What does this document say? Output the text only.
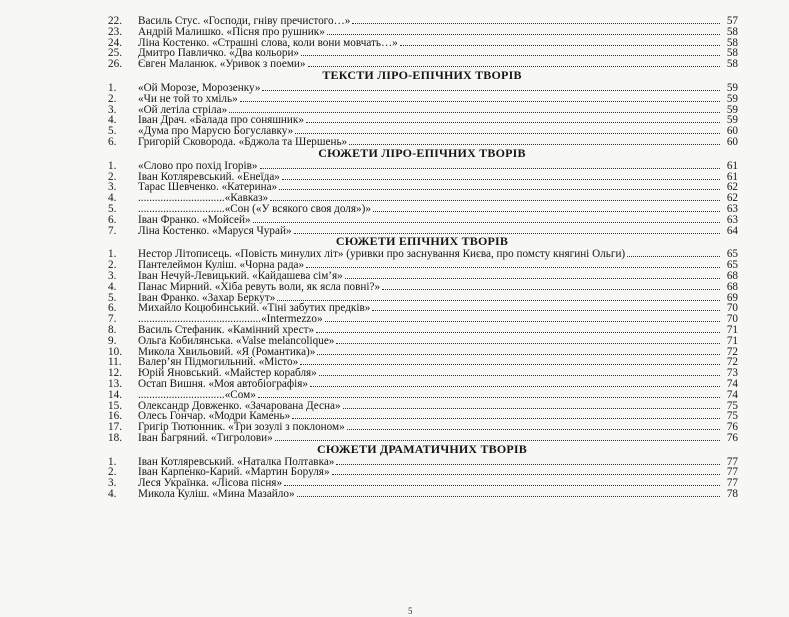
22.	Василь Стус. «Господи, гніву пречистого…»	57
23.	Андрій Малишко. «Пісня про рушник»	58
24.	Ліна Костенко. «Страшні слова, коли вони мовчать…»	58
25.	Дмитро Павличко. «Два кольори»	58
26.	Євген Маланюк. «Уривок з поеми»	58
ТЕКСТИ ЛІРО-ЕПІЧНИХ ТВОРІВ
1.	«Ой Морозе, Морозенку»	59
2.	«Чи не той то хміль»	59
3.	«Ой летіла стріла»	59
4.	Іван Драч. «Балада про соняшник»	59
5.	«Дума про Марусю Богуславку»	60
6.	Григорій Сковорода. «Бджола та Шершень»	60
СЮЖЕТИ ЛІРО-ЕПІЧНИХ ТВОРІВ
1.	«Слово про похід Ігорів»	61
2.	Іван Котляревський. «Енеїда»	61
3.	Тарас Шевченко. «Катерина»	62
4.	...............................«Кавказ»	62
5.	...............................«Сон («У всякого своя доля»)»	63
6.	Іван Франко. «Мойсей»	63
7.	Ліна Костенко. «Маруся Чурай»	64
СЮЖЕТИ ЕПІЧНИХ ТВОРІВ
1.	Нестор Літописець. «Повість минулих літ» (уривки про заснування Києва, про помсту княгині Ольги)	65
2.	Пантелеймон Куліш. «Чорна рада»	65
3.	Іван Нечуй-Левицький. «Кайдашева сім’я»	68
4.	Панас Мирний. «Хіба ревуть воли, як ясла повні?»	68
5.	Іван Франко. «Захар Беркут»	69
6.	Михайло Коцюбинський. «Тіні забутих предків»	70
7.	............................................«Intermezzo»	70
8.	Василь Стефаник. «Камінний хрест»	71
9.	Ольга Кобилянська. «Valse melancolique»	71
10.	Микола Хвильовий. «Я (Романтика)»	72
11.	Валер’ян Підмогильний. «Місто»	72
12.	Юрій Яновський. «Майстер корабля»	73
13.	Остап Вишня. «Моя автобіографія»	74
14.	...............................«Сом»	74
15.	Олександр Довженко. «Зачарована Десна»	75
16.	Олесь Гончар. «Модри Камень»	75
17.	Григір Тютюнник. «Три зозулі з поклоном»	76
18.	Іван Багряний. «Тигролови»	76
СЮЖЕТИ ДРАМАТИЧНИХ ТВОРІВ
1.	Іван Котляревський. «Наталка Полтавка»	77
2.	Іван Карпенко-Карий. «Мартин Боруля»	77
3.	Леся Українка. «Лісова пісня»	77
4.	Микола Куліш. «Мина Мазайло»	78
5
